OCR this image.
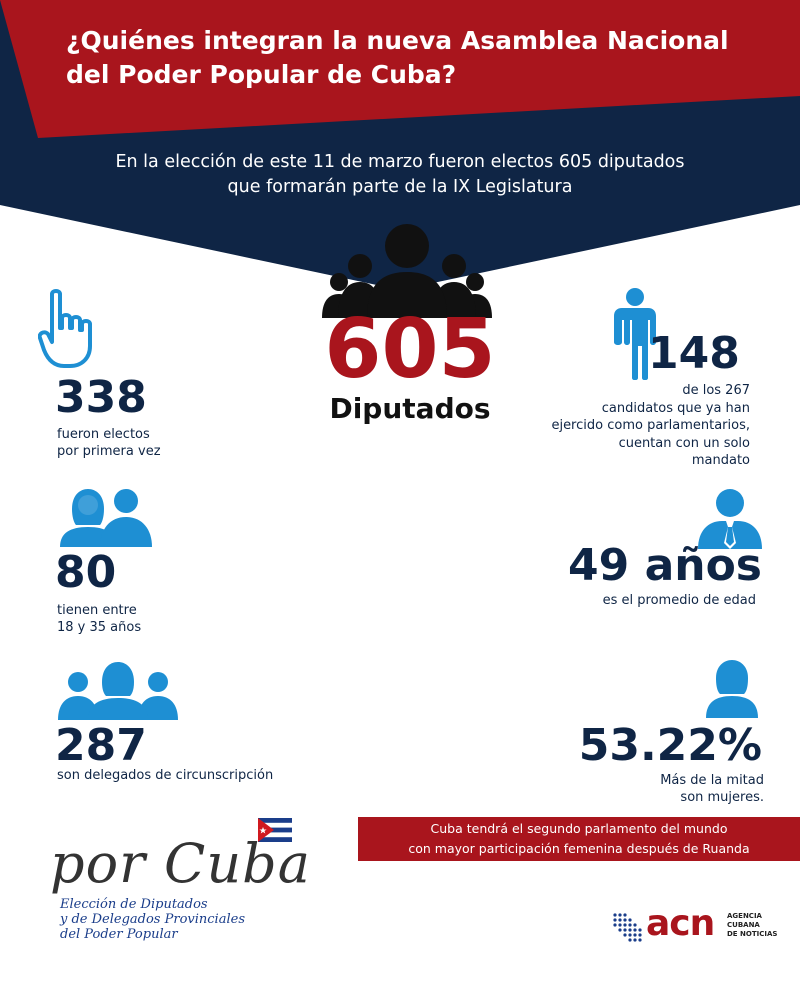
¿Quiénes integran la nueva Asamblea Nacional
del Poder Popular de Cuba?
En la elección de este 11 de marzo fueron electos 605 diputados
que formarán parte de la IX Legislatura
605
Diputados
338
fueron electos
por primera vez
80
tienen entre
18 y 35 años
287
son delegados de circunscripción
148
de los 267
candidatos que ya han
ejercido como parlamentarios,
cuentan con un solo
mandato
49 años
es el promedio de edad
53.22%
Más de la mitad
son mujeres.
Cuba tendrá el segundo parlamento del mundo
con mayor participación femenina después de Ruanda
por Cuba
Elección de Diputados
y de Delegados Provinciales
del Poder Popular	acn AGENCIA
CUBANA
DE NOTICIAS
